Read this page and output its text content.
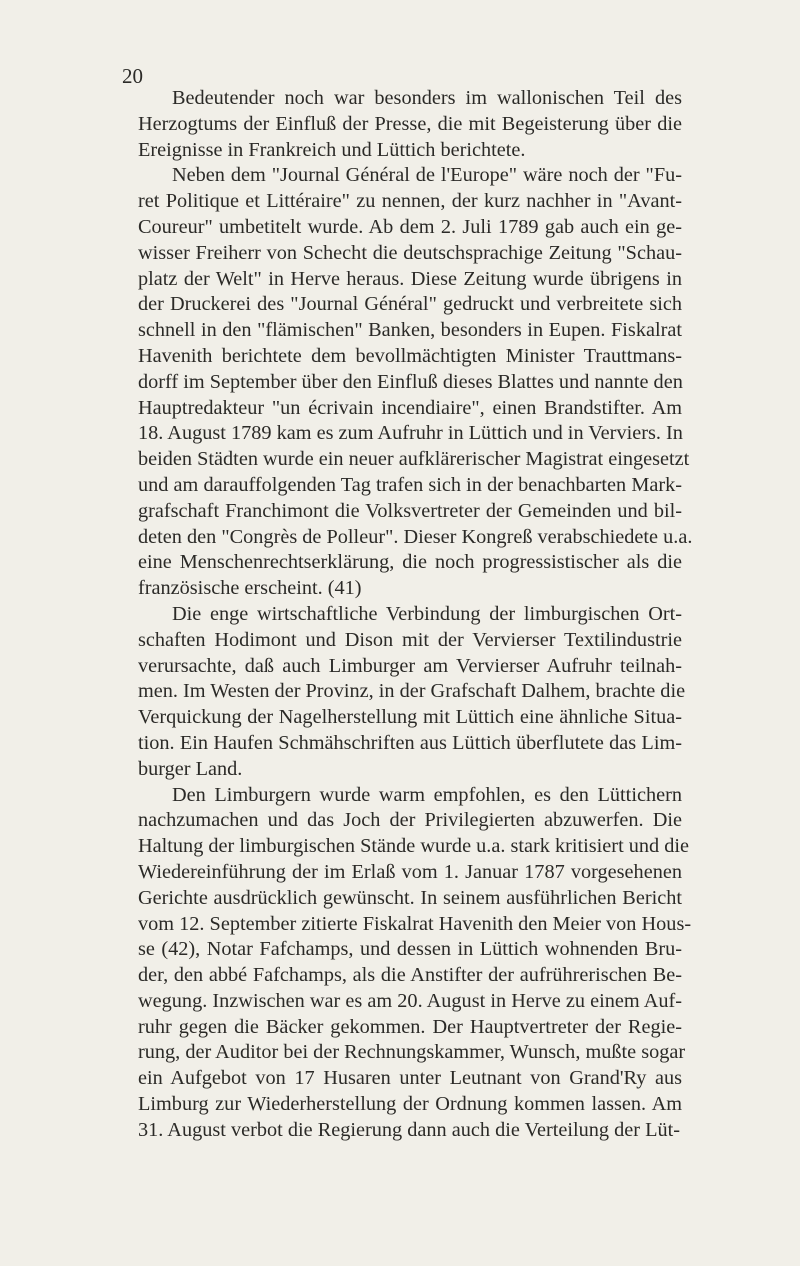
20
Bedeutender noch war besonders im wallonischen Teil des
Herzogtums der Einfluß der Presse, die mit Begeisterung über die
Ereignisse in Frankreich und Lüttich berichtete.
Neben dem "Journal Général de l'Europe" wäre noch der "Fu-
ret Politique et Littéraire" zu nennen, der kurz nachher in "Avant-
Coureur" umbetitelt wurde. Ab dem 2. Juli 1789 gab auch ein ge-
wisser Freiherr von Schecht die deutschsprachige Zeitung "Schau-
platz der Welt" in Herve heraus. Diese Zeitung wurde übrigens in
der Druckerei des "Journal Général" gedruckt und verbreitete sich
schnell in den "flämischen" Banken, besonders in Eupen. Fiskalrat
Havenith berichtete dem bevollmächtigten Minister Trauttmans-
dorff im September über den Einfluß dieses Blattes und nannte den
Hauptredakteur "un écrivain incendiaire", einen Brandstifter. Am
18. August 1789 kam es zum Aufruhr in Lüttich und in Verviers. In
beiden Städten wurde ein neuer aufklärerischer Magistrat eingesetzt
und am darauffolgenden Tag trafen sich in der benachbarten Mark-
grafschaft Franchimont die Volksvertreter der Gemeinden und bil-
deten den "Congrès de Polleur". Dieser Kongreß verabschiedete u.a.
eine Menschenrechtserklärung, die noch progressistischer als die
französische erscheint. (41)
Die enge wirtschaftliche Verbindung der limburgischen Ort-
schaften Hodimont und Dison mit der Vervierser Textilindustrie
verursachte, daß auch Limburger am Vervierser Aufruhr teilnah-
men. Im Westen der Provinz, in der Grafschaft Dalhem, brachte die
Verquickung der Nagelherstellung mit Lüttich eine ähnliche Situa-
tion. Ein Haufen Schmähschriften aus Lüttich überflutete das Lim-
burger Land.
Den Limburgern wurde warm empfohlen, es den Lüttichern
nachzumachen und das Joch der Privilegierten abzuwerfen. Die
Haltung der limburgischen Stände wurde u.a. stark kritisiert und die
Wiedereinführung der im Erlaß vom 1. Januar 1787 vorgesehenen
Gerichte ausdrücklich gewünscht. In seinem ausführlichen Bericht
vom 12. September zitierte Fiskalrat Havenith den Meier von Hous-
se (42), Notar Fafchamps, und dessen in Lüttich wohnenden Bru-
der, den abbé Fafchamps, als die Anstifter der aufrührerischen Be-
wegung. Inzwischen war es am 20. August in Herve zu einem Auf-
ruhr gegen die Bäcker gekommen. Der Hauptvertreter der Regie-
rung, der Auditor bei der Rechnungskammer, Wunsch, mußte sogar
ein Aufgebot von 17 Husaren unter Leutnant von Grand'Ry aus
Limburg zur Wiederherstellung der Ordnung kommen lassen. Am
31. August verbot die Regierung dann auch die Verteilung der Lüt-
